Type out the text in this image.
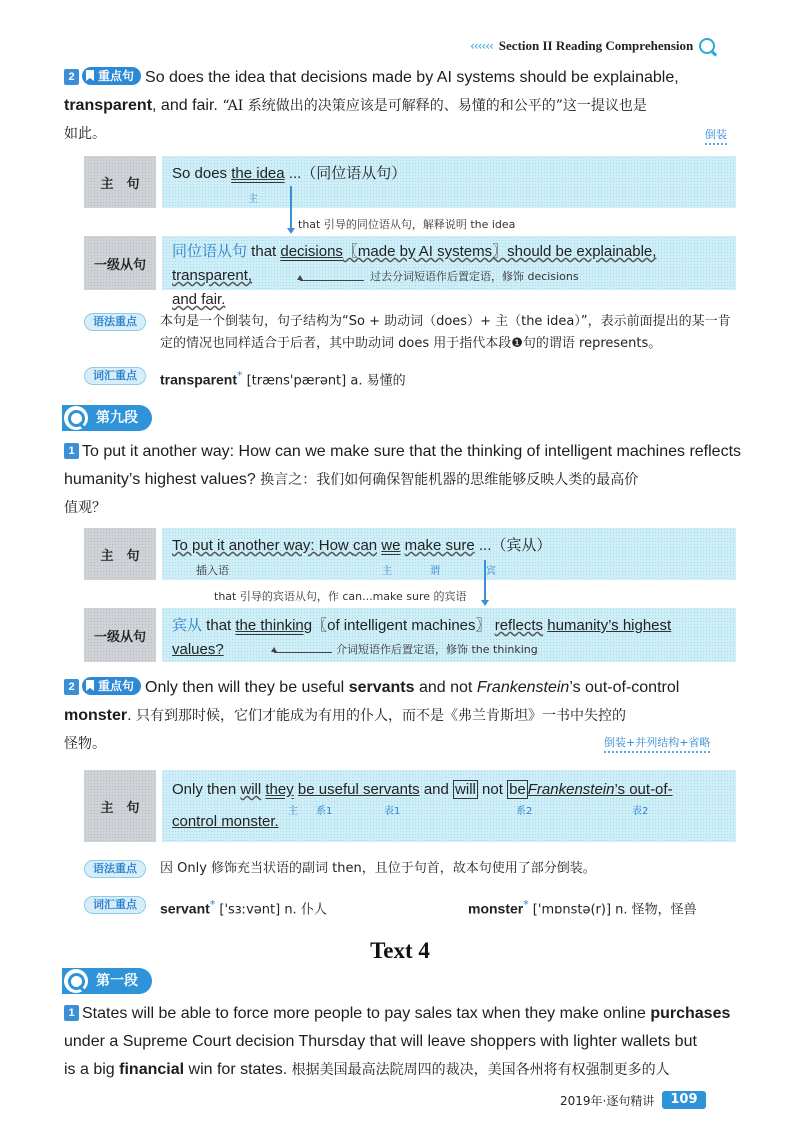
‹‹‹‹‹‹ Section II Reading Comprehension
2 重点句 So does the idea that decisions made by AI systems should be explainable,
transparent, and fair. “AI 系统做出的决策应该是可解释的、易懂的和公平的”这一提议也是
如此。	倒装
主　句
So does the idea ...（同位语从句）
主
that 引导的同位语从句，解释说明 the idea
一级从句
同位语从句 that decisions〖made by AI systems〗should be explainable, transparent,
and fair.
过去分词短语作后置定语，修饰 decisions
语法重点	本句是一个倒装句，句子结构为“So + 助动词（does）+ 主（the idea）”，表示前面提出的某一肯定的情况也同样适合于后者，其中助动词 does 用于指代本段❶句的谓语 represents。
词汇重点	transparent* [træns'pærənt] a. 易懂的
第九段
1 To put it another way: How can we make sure that the thinking of intelligent machines reflects
humanity’s highest values? 换言之：我们如何确保智能机器的思维能够反映人类的最高价
值观？
主　句
To put it another way: How can we make sure ...（宾从）
插入语	主	谓	宾
that 引导的宾语从句，作 can...make sure 的宾语
一级从句
宾从 that the thinking〖of intelligent machines〗 reflects humanity’s highest values?	介词短语作后置定语，修饰 the thinking
2 重点句 Only then will they be useful servants and not Frankenstein’s out-of-control
monster. 只有到那时候，它们才能成为有用的仆人，而不是《弗兰肯斯坦》一书中失控的
怪物。	倒装+并列结构+省略
主　句
Only then will they be useful servants and will not be Frankenstein’s out-of-
control monster.
主 系1	表1	系2	表2
语法重点	因 Only 修饰充当状语的副词 then，且位于句首，故本句使用了部分倒装。
词汇重点	servant* ['sɜːvənt] n. 仆人	monster* ['mɒnstə(r)] n. 怪物，怪兽
Text 4
第一段
1 States will be able to force more people to pay sales tax when they make online purchases
under a Supreme Court decision Thursday that will leave shoppers with lighter wallets but
is a big financial win for states. 根据美国最高法院周四的裁决，美国各州将有权强制更多的人
2019年·逐句精讲	109
